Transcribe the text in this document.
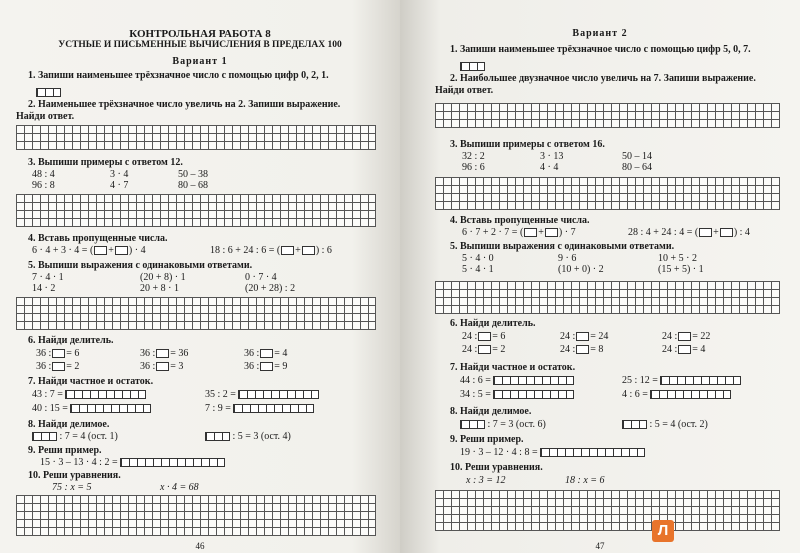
КОНТРОЛЬНАЯ РАБОТА 8
УСТНЫЕ И ПИСЬМЕННЫЕ ВЫЧИСЛЕНИЯ В ПРЕДЕЛАХ 100
Вариант 1
1. Запиши наименьшее трёхзначное число с помощью цифр 0, 2, 1.
2. Наименьшее трёхзначное число увеличь на 2. Запиши выражение.
Найди ответ.
3. Выпиши примеры с ответом 12.
48 : 4	3 · 4	50 – 38
96 : 8	4 · 7	80 – 68
4. Вставь пропущенные числа.
6 · 4 + 3 · 4 = ( + ) · 4	18 : 6 + 24 : 6 = ( + ) : 6
5. Выпиши выражения с одинаковыми ответами.
7 · 4 · 1	(20 + 8) · 1	0 · 7 · 4
14 · 2	20 + 8 · 1	(20 + 28) : 2
6. Найди делитель.
36 : = 6	36 : = 36	36 : = 4
36 : = 2	36 : = 3	36 : = 9
7. Найди частное и остаток.
43 : 7 =	35 : 2 =
40 : 15 =	7 : 9 =
8. Найди делимое.
: 7 = 4 (ост. 1)	: 5 = 3 (ост. 4)
9. Реши пример.
15 · 3 – 13 · 4 : 2 =
10. Реши уравнения.
75 : x = 5	x · 4 = 68
46
Вариант 2
1. Запиши наименьшее трёхзначное число с помощью цифр 5, 0, 7.
2. Наибольшее двузначное число увеличь на 7. Запиши выражение.
Найди ответ.
3. Выпиши примеры с ответом 16.
32 : 2	3 · 13	50 – 14
96 : 6	4 · 4	80 – 64
4. Вставь пропущенные числа.
6 · 7 + 2 · 7 = ( + ) · 7	28 : 4 + 24 : 4 = ( + ) : 4
5. Выпиши выражения с одинаковыми ответами.
5 · 4 · 0	9 · 6	10 + 5 · 2
5 · 4 · 1	(10 + 0) · 2	(15 + 5) · 1
6. Найди делитель.
24 : = 6	24 : = 24	24 : = 22
24 : = 2	24 : = 8	24 : = 4
7. Найди частное и остаток.
44 : 6 =	25 : 12 =
34 : 5 =	4 : 6 =
8. Найди делимое.
: 7 = 3 (ост. 6)	: 5 = 4 (ост. 2)
9. Реши пример.
19 · 3 – 12 · 4 : 8 =
10. Реши уравнения.
x : 3 = 12	18 : x = 6
47
Л
